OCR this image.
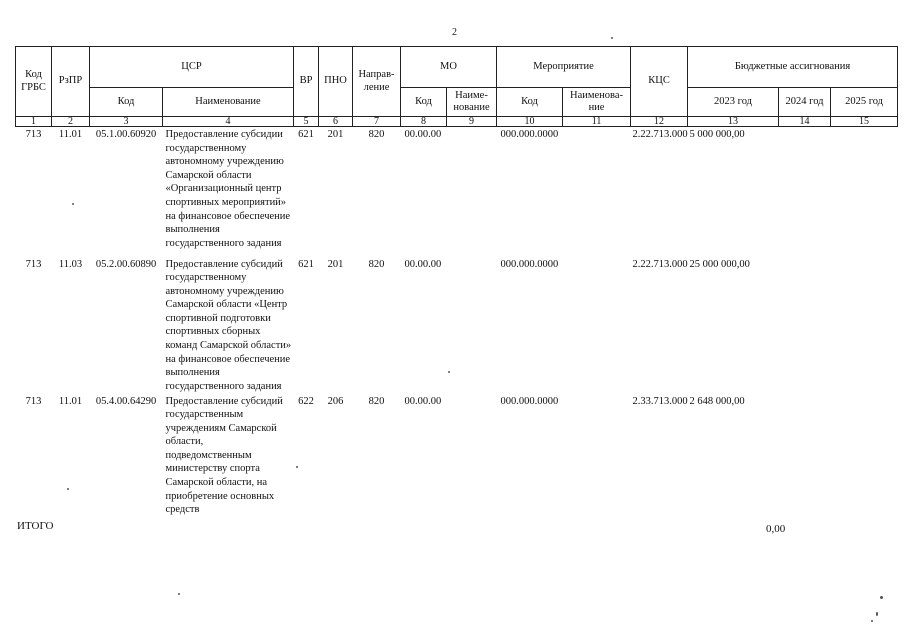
2
Код ГРБС	РзПР	ЦСР		ВР	ПНО	Направ-ление	МО		Мероприятие		КЦС	Бюджетные ассигнования		
		Код	Наименование				Код	Наиме-нование	Код	Наименова-ние		2023 год	2024 год	2025 год
1	2	3	4	5	6	7	8	9	10	11	12	13	14	15
713	11.01	05.1.00.60920	Предоставление субсидии государственному автономному учреждению Самарской области «Организационный центр спортивных мероприятий» на финансовое обеспечение выполнения государственного задания	621	201	820	00.00.00		000.000.0000		2.22.713.000	5 000 000,00		
713	11.03	05.2.00.60890	Предоставление субсидий государственному автономному учреждению Самарской области «Центр спортивной подготовки спортивных сборных команд Самарской области» на финансовое обеспечение выполнения государственного задания	621	201	820	00.00.00		000.000.0000		2.22.713.000	25 000 000,00		
713	11.01	05.4.00.64290	Предоставление субсидий государственным учреждениям Самарской области, подведомственным министерству спорта Самарской области, на приобретение основных средств	622	206	820	00.00.00		000.000.0000		2.33.713.000	2 648 000,00		
ИТОГО	0,00
